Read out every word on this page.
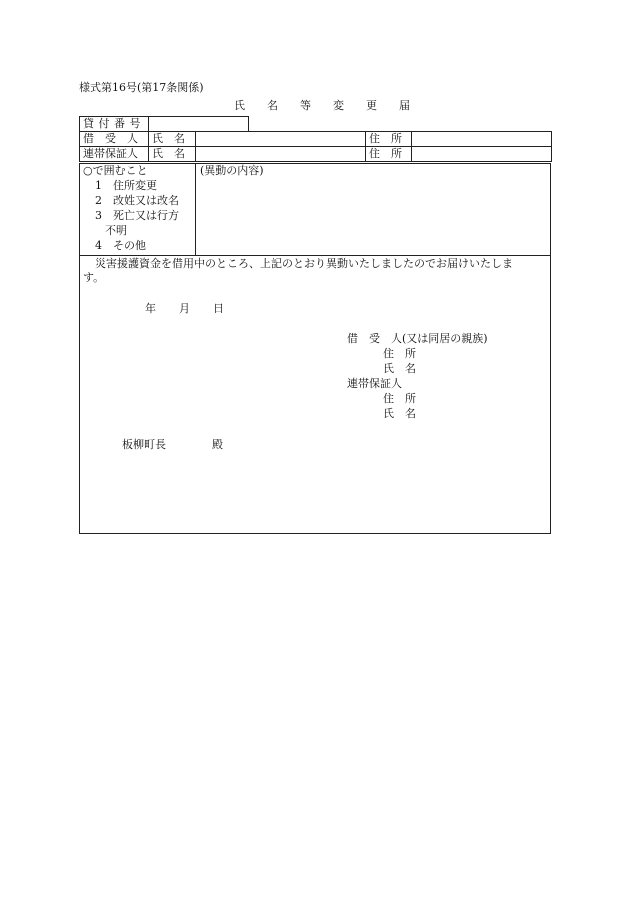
様式第16号(第17条関係)
氏　　名　　等　　変　　更　　届
貸 付 番 号	
借　受　人	氏　名		住　所	
連帯保証人	氏　名		住　所	
○で囲むこと
1　住所変更
2　改姓又は改名
3　死亡又は行方
不明
4　その他
(異動の内容)
災害援護資金を借用中のところ、上記のとおり異動いたしましたのでお届けいたしま
す。
年 月 日
借　受　人(又は同居の親族)
住　所
氏　名
連帯保証人
住　所
氏　名
板柳町長	殿
